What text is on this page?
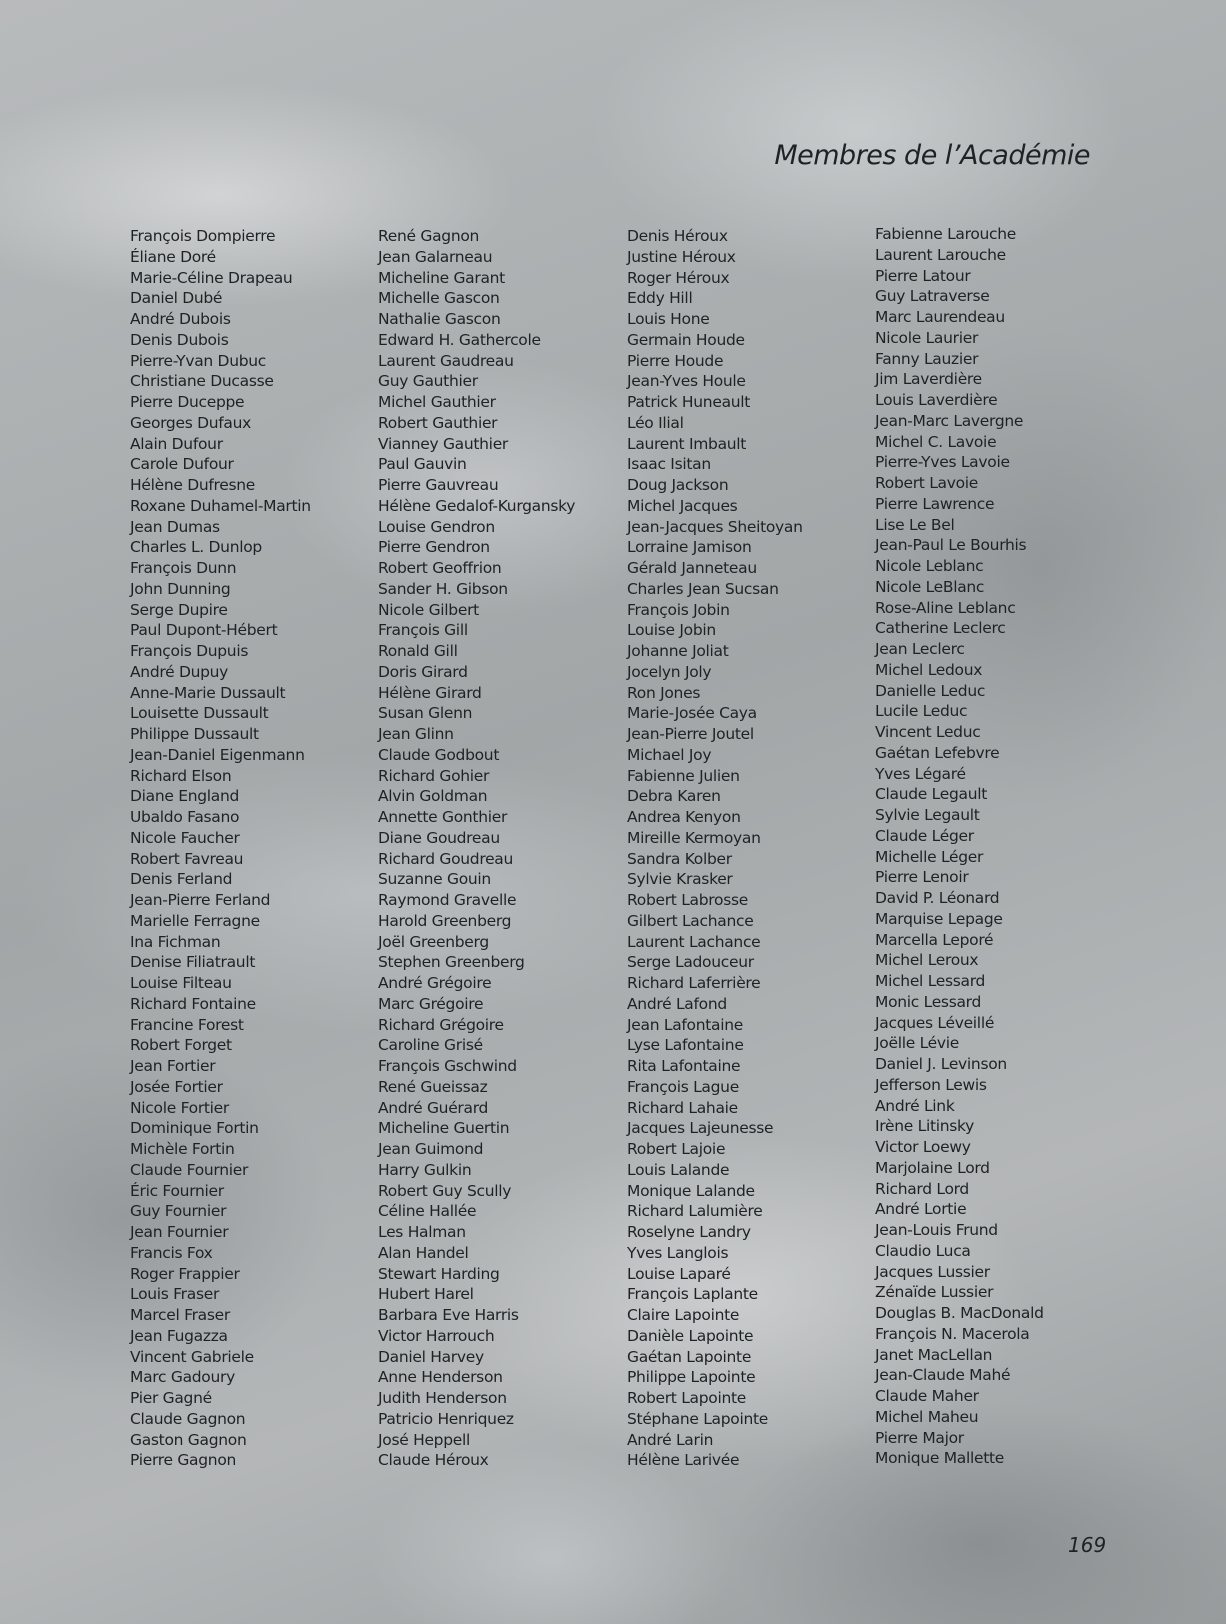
Membres de l’Académie
François Dompierre
Éliane Doré
Marie-Céline Drapeau
Daniel Dubé
André Dubois
Denis Dubois
Pierre-Yvan Dubuc
Christiane Ducasse
Pierre Duceppe
Georges Dufaux
Alain Dufour
Carole Dufour
Hélène Dufresne
Roxane Duhamel-Martin
Jean Dumas
Charles L. Dunlop
François Dunn
John Dunning
Serge Dupire
Paul Dupont-Hébert
François Dupuis
André Dupuy
Anne-Marie Dussault
Louisette Dussault
Philippe Dussault
Jean-Daniel Eigenmann
Richard Elson
Diane England
Ubaldo Fasano
Nicole Faucher
Robert Favreau
Denis Ferland
Jean-Pierre Ferland
Marielle Ferragne
Ina Fichman
Denise Filiatrault
Louise Filteau
Richard Fontaine
Francine Forest
Robert Forget
Jean Fortier
Josée Fortier
Nicole Fortier
Dominique Fortin
Michèle Fortin
Claude Fournier
Éric Fournier
Guy Fournier
Jean Fournier
Francis Fox
Roger Frappier
Louis Fraser
Marcel Fraser
Jean Fugazza
Vincent Gabriele
Marc Gadoury
Pier Gagné
Claude Gagnon
Gaston Gagnon
Pierre Gagnon
René Gagnon
Jean Galarneau
Micheline Garant
Michelle Gascon
Nathalie Gascon
Edward H. Gathercole
Laurent Gaudreau
Guy Gauthier
Michel Gauthier
Robert Gauthier
Vianney Gauthier
Paul Gauvin
Pierre Gauvreau
Hélène Gedalof-Kurgansky
Louise Gendron
Pierre Gendron
Robert Geoffrion
Sander H. Gibson
Nicole Gilbert
François Gill
Ronald Gill
Doris Girard
Hélène Girard
Susan Glenn
Jean Glinn
Claude Godbout
Richard Gohier
Alvin Goldman
Annette Gonthier
Diane Goudreau
Richard Goudreau
Suzanne Gouin
Raymond Gravelle
Harold Greenberg
Joël Greenberg
Stephen Greenberg
André Grégoire
Marc Grégoire
Richard Grégoire
Caroline Grisé
François Gschwind
René Gueissaz
André Guérard
Micheline Guertin
Jean Guimond
Harry Gulkin
Robert Guy Scully
Céline Hallée
Les Halman
Alan Handel
Stewart Harding
Hubert Harel
Barbara Eve Harris
Victor Harrouch
Daniel Harvey
Anne Henderson
Judith Henderson
Patricio Henriquez
José Heppell
Claude Héroux
Denis Héroux
Justine Héroux
Roger Héroux
Eddy Hill
Louis Hone
Germain Houde
Pierre Houde
Jean-Yves Houle
Patrick Huneault
Léo Ilial
Laurent Imbault
Isaac Isitan
Doug Jackson
Michel Jacques
Jean-Jacques Sheitoyan
Lorraine Jamison
Gérald Janneteau
Charles Jean Sucsan
François Jobin
Louise Jobin
Johanne Joliat
Jocelyn Joly
Ron Jones
Marie-Josée Caya
Jean-Pierre Joutel
Michael Joy
Fabienne Julien
Debra Karen
Andrea Kenyon
Mireille Kermoyan
Sandra Kolber
Sylvie Krasker
Robert Labrosse
Gilbert Lachance
Laurent Lachance
Serge Ladouceur
Richard Laferrière
André Lafond
Jean Lafontaine
Lyse Lafontaine
Rita Lafontaine
François Lague
Richard Lahaie
Jacques Lajeunesse
Robert Lajoie
Louis Lalande
Monique Lalande
Richard Lalumière
Roselyne Landry
Yves Langlois
Louise Laparé
François Laplante
Claire Lapointe
Danièle Lapointe
Gaétan Lapointe
Philippe Lapointe
Robert Lapointe
Stéphane Lapointe
André Larin
Hélène Larivée
Fabienne Larouche
Laurent Larouche
Pierre Latour
Guy Latraverse
Marc Laurendeau
Nicole Laurier
Fanny Lauzier
Jim Laverdière
Louis Laverdière
Jean-Marc Lavergne
Michel C. Lavoie
Pierre-Yves Lavoie
Robert Lavoie
Pierre Lawrence
Lise Le Bel
Jean-Paul Le Bourhis
Nicole Leblanc
Nicole LeBlanc
Rose-Aline Leblanc
Catherine Leclerc
Jean Leclerc
Michel Ledoux
Danielle Leduc
Lucile Leduc
Vincent Leduc
Gaétan Lefebvre
Yves Légaré
Claude Legault
Sylvie Legault
Claude Léger
Michelle Léger
Pierre Lenoir
David P. Léonard
Marquise Lepage
Marcella Leporé
Michel Leroux
Michel Lessard
Monic Lessard
Jacques Léveillé
Joëlle Lévie
Daniel J. Levinson
Jefferson Lewis
André Link
Irène Litinsky
Victor Loewy
Marjolaine Lord
Richard Lord
André Lortie
Jean-Louis Frund
Claudio Luca
Jacques Lussier
Zénaïde Lussier
Douglas B. MacDonald
François N. Macerola
Janet MacLellan
Jean-Claude Mahé
Claude Maher
Michel Maheu
Pierre Major
Monique Mallette
169
